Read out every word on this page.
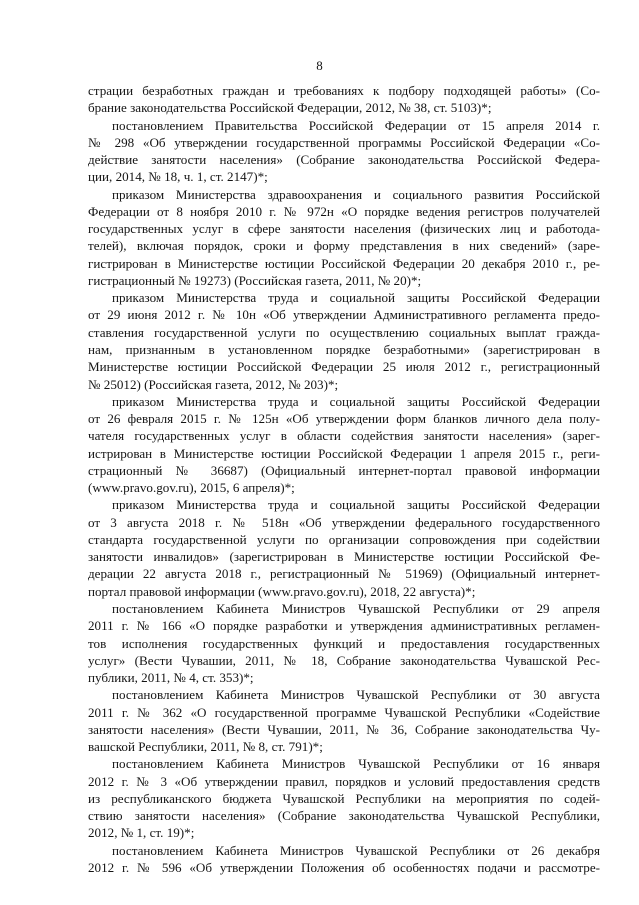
8
страции безработных граждан и требованиях к подбору подходящей работы» (Со-
брание законодательства Российской Федерации, 2012, № 38, ст. 5103)*;
постановлением Правительства Российской Федерации от 15 апреля 2014 г.
№ 298 «Об утверждении государственной программы Российской Федерации «Со-
действие занятости населения» (Собрание законодательства Российской Федера-
ции, 2014, № 18, ч. 1, ст. 2147)*;
приказом Министерства здравоохранения и социального развития Российской
Федерации от 8 ноября 2010 г. № 972н «О порядке ведения регистров получателей
государственных услуг в сфере занятости населения (физических лиц и работода-
телей), включая порядок, сроки и форму представления в них сведений» (заре-
гистрирован в Министерстве юстиции Российской Федерации 20 декабря 2010 г., ре-
гистрационный № 19273) (Российская газета, 2011, № 20)*;
приказом Министерства труда и социальной защиты Российской Федерации
от 29 июня 2012 г. № 10н «Об утверждении Административного регламента предо-
ставления государственной услуги по осуществлению социальных выплат гражда-
нам, признанным в установленном порядке безработными» (зарегистрирован в
Министерстве юстиции Российской Федерации 25 июля 2012 г., регистрационный
№ 25012) (Российская газета, 2012, № 203)*;
приказом Министерства труда и социальной защиты Российской Федерации
от 26 февраля 2015 г. № 125н «Об утверждении форм бланков личного дела полу-
чателя государственных услуг в области содействия занятости населения» (зарег-
истрирован в Министерстве юстиции Российской Федерации 1 апреля 2015 г., реги-
страционный № 36687) (Официальный интернет-портал правовой информации
(www.pravo.gov.ru), 2015, 6 апреля)*;
приказом Министерства труда и социальной защиты Российской Федерации
от 3 августа 2018 г. № 518н «Об утверждении федерального государственного
стандарта государственной услуги по организации сопровождения при содействии
занятости инвалидов» (зарегистрирован в Министерстве юстиции Российской Фе-
дерации 22 августа 2018 г., регистрационный № 51969) (Официальный интернет-
портал правовой информации (www.pravo.gov.ru), 2018, 22 августа)*;
постановлением Кабинета Министров Чувашской Республики от 29 апреля
2011 г. № 166 «О порядке разработки и утверждения административных регламен-
тов исполнения государственных функций и предоставления государственных
услуг» (Вести Чувашии, 2011, № 18, Собрание законодательства Чувашской Рес-
публики, 2011, № 4, ст. 353)*;
постановлением Кабинета Министров Чувашской Республики от 30 августа
2011 г. № 362 «О государственной программе Чувашской Республики «Содействие
занятости населения» (Вести Чувашии, 2011, № 36, Собрание законодательства Чу-
вашской Республики, 2011, № 8, ст. 791)*;
постановлением Кабинета Министров Чувашской Республики от 16 января
2012 г. № 3 «Об утверждении правил, порядков и условий предоставления средств
из республиканского бюджета Чувашской Республики на мероприятия по содей-
ствию занятости населения» (Собрание законодательства Чувашской Республики,
2012, № 1, ст. 19)*;
постановлением Кабинета Министров Чувашской Республики от 26 декабря
2012 г. № 596 «Об утверждении Положения об особенностях подачи и рассмотре-
